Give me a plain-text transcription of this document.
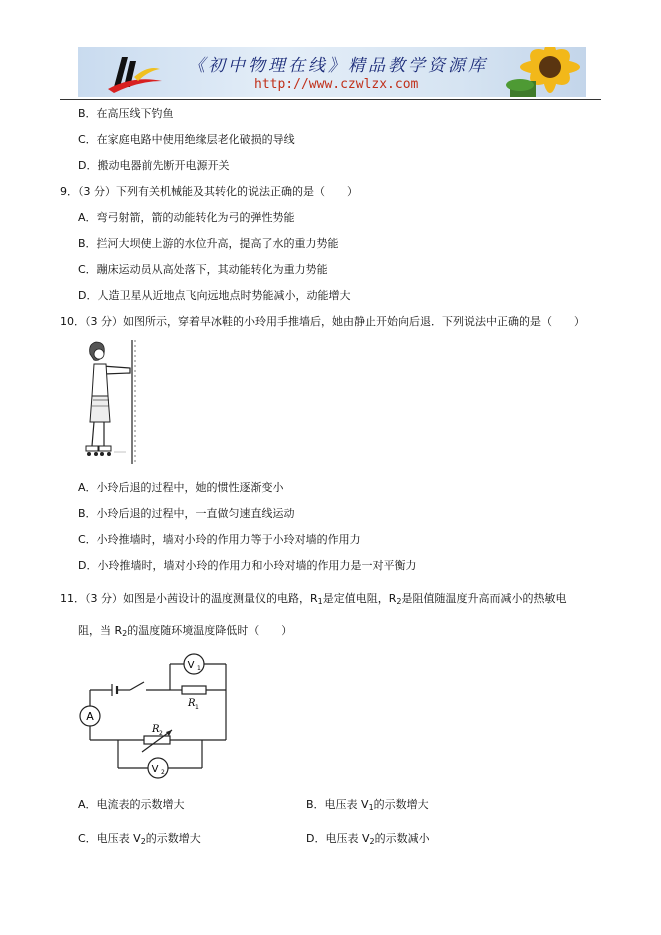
《初中物理在线》精品教学资源库
http://www.czwlzx.com
B．在高压线下钓鱼
C．在家庭电路中使用绝缘层老化破损的导线
D．搬动电器前先断开电源开关
9．（3 分）下列有关机械能及其转化的说法正确的是（　　）
A．弯弓射箭，箭的动能转化为弓的弹性势能
B．拦河大坝使上游的水位升高，提高了水的重力势能
C．蹦床运动员从高处落下，其动能转化为重力势能
D．人造卫星从近地点飞向远地点时势能减小，动能增大
10．（3 分）如图所示，穿着早冰鞋的小玲用手推墙后，她由静止开始向后退．下列说法中正确的是（　　）
A．小玲后退的过程中，她的惯性逐渐变小
B．小玲后退的过程中，一直做匀速直线运动
C．小玲推墙时，墙对小玲的作用力等于小玲对墙的作用力
D．小玲推墙时，墙对小玲的作用力和小玲对墙的作用力是一对平衡力
11．（3 分）如图是小茜设计的温度测量仪的电路，$R_1$是定值电阻，$R_2$是阻值随温度升高而减小的热敏电
阻，当 $R_2$的温度随环境温度降低时（　　）
A
V 1
V 2
R 1
R 2
A．电流表的示数增大	B．电压表 $V_1$的示数增大
C．电压表 $V_2$的示数增大	D．电压表 $V_2$的示数减小
